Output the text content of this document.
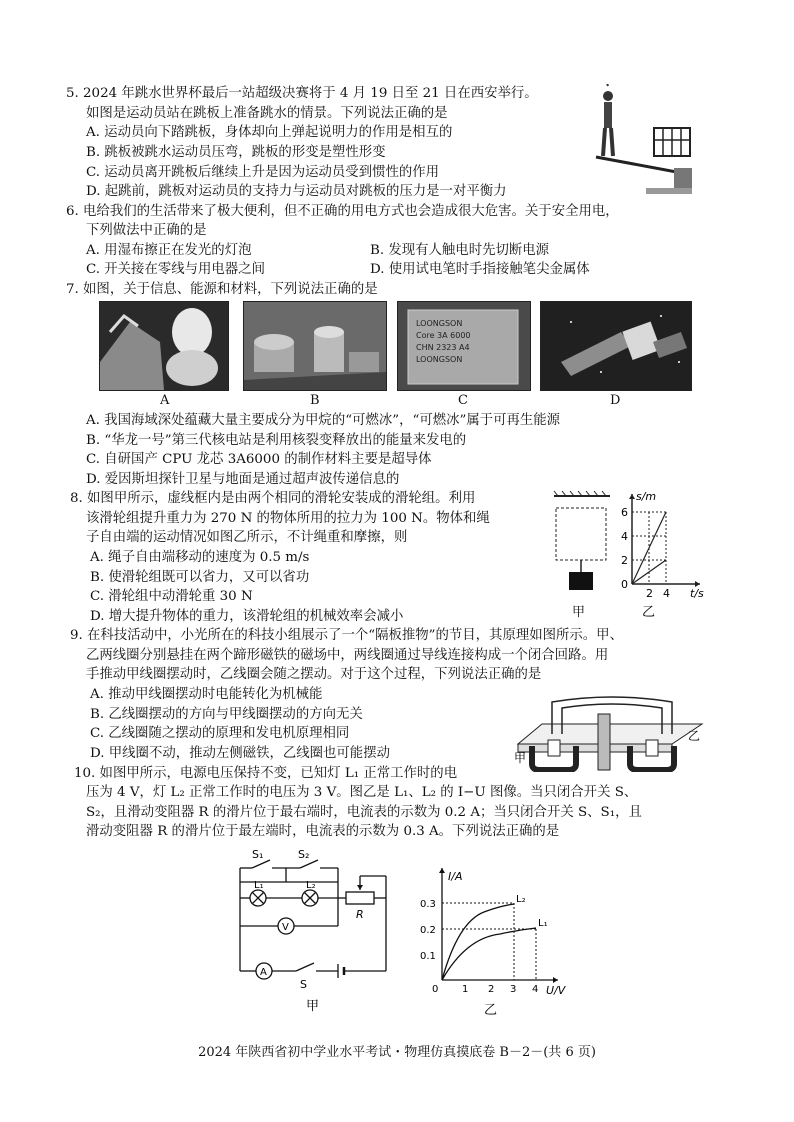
5. 2024 年跳水世界杯最后一站超级决赛将于 4 月 19 日至 21 日在西安举行。
如图是运动员站在跳板上准备跳水的情景。下列说法正确的是
A. 运动员向下踏跳板，身体却向上弹起说明力的作用是相互的
B. 跳板被跳水运动员压弯，跳板的形变是塑性形变
C. 运动员离开跳板后继续上升是因为运动员受到惯性的作用
D. 起跳前，跳板对运动员的支持力与运动员对跳板的压力是一对平衡力
6. 电给我们的生活带来了极大便利，但不正确的用电方式也会造成很大危害。关于安全用电，
下列做法中正确的是
A. 用湿布擦正在发光的灯泡	B. 发现有人触电时先切断电源
C. 开关接在零线与用电器之间	D. 使用试电笔时手指接触笔尖金属体
7. 如图，关于信息、能源和材料，下列说法正确的是
LOONGSON
Core 3A 6000
CHN 2323 A4
LOONGSON
A	B	C	D
A. 我国海域深处蕴藏大量主要成分为甲烷的“可燃冰”，“可燃冰”属于可再生能源
B. “华龙一号”第三代核电站是利用核裂变释放出的能量来发电的
C. 自研国产 CPU 龙芯 3A6000 的制作材料主要是超导体
D. 爱因斯坦探针卫星与地面是通过超声波传递信息的
8. 如图甲所示，虚线框内是由两个相同的滑轮安装成的滑轮组。利用
该滑轮组提升重力为 270 N 的物体所用的拉力为 100 N。物体和绳
子自由端的运动情况如图乙所示，不计绳重和摩擦，则
A. 绳子自由端移动的速度为 0.5 m/s
B. 使滑轮组既可以省力，又可以省功
C. 滑轮组中动滑轮重 30 N
D. 增大提升物体的重力，该滑轮组的机械效率会减小	甲
s/m
6
4
2
0
2 4 t/s
乙
9. 在科技活动中，小光所在的科技小组展示了一个“隔板推物”的节目，其原理如图所示。甲、
乙两线圈分别悬挂在两个蹄形磁铁的磁场中，两线圈通过导线连接构成一个闭合回路。用
手推动甲线圈摆动时，乙线圈会随之摆动。对于这个过程，下列说法正确的是
A. 推动甲线圈摆动时电能转化为机械能
B. 乙线圈摆动的方向与甲线圈摆动的方向无关
C. 乙线圈随之摆动的原理和发电机原理相同
D. 甲线圈不动，推动左侧磁铁，乙线圈也可能摆动	甲
乙
10. 如图甲所示，电源电压保持不变，已知灯 L₁ 正常工作时的电
压为 4 V，灯 L₂ 正常工作时的电压为 3 V。图乙是 L₁、L₂ 的 I−U 图像。当只闭合开关 S、
S₂，且滑动变阻器 R 的滑片位于最右端时，电流表的示数为 0.2 A；当只闭合开关 S、S₁，且
滑动变阻器 R 的滑片位于最左端时，电流表的示数为 0.3 A。下列说法正确的是
S₁	S₂
L₁	L₂
R
V
A
S
甲
I/A
0.3
0.2
0.1
0 1 2 3 4 U/V
L₂
L₁
乙
2024 年陕西省初中学业水平考试・物理仿真摸底卷 B－2－(共 6 页)
